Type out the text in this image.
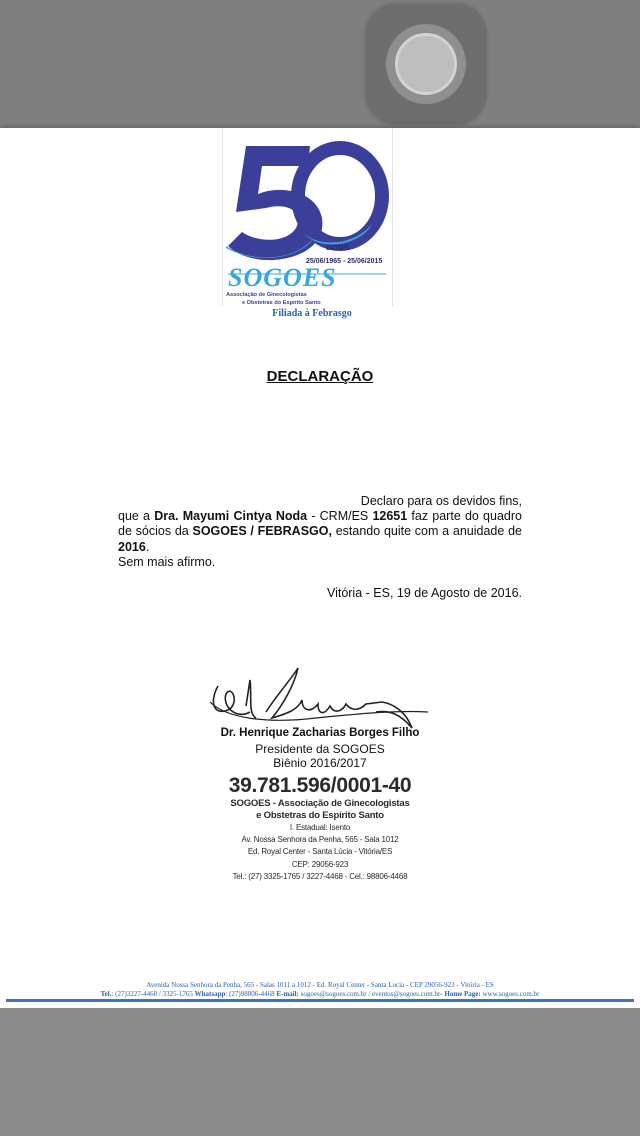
anos
25/06/1965 - 25/06/2015
SOGOES
Associação de Ginecologistas
e Obstetras do Espírito Santo
Filiada à Febrasgo
DECLARAÇÃO
Declaro para os devidos fins,

que a Dra. Mayumi Cintya Noda - CRM/ES 12651 faz parte do quadro de sócios da SOGOES / FEBRASGO, estando quite com a anuidade de 2016.

Sem mais afirmo.

Vitória - ES, 19 de Agosto de 2016.
Dr. Henrique Zacharias Borges Filho
Presidente da SOGOES
Biênio 2016/2017
39.781.596/0001-40
SOGOES - Associação de Ginecologistas
e Obstetras do Espírito Santo
I. Estadual: Isento
Av. Nossa Senhora da Penha, 565 - Sala 1012
Ed. Royal Center - Santa Lúcia - Vitória/ES
CEP: 29056-923
Tel.: (27) 3325-1765 / 3227-4468 - Cel.: 98806-4468
Avenida Nossa Senhora da Penha, 565 - Salas 1011 a 1012 - Ed. Royal Center - Santa Lucia - CEP 29056-923 - Vitória - ES
Tel.: (27)3227-4468 / 3325-1765 Whatsapp: (27)98806-4468 E-mail: sogoes@sogoes.com.br / eventos@sogoes.com.br- Home Page: www.sogoes.com.br
